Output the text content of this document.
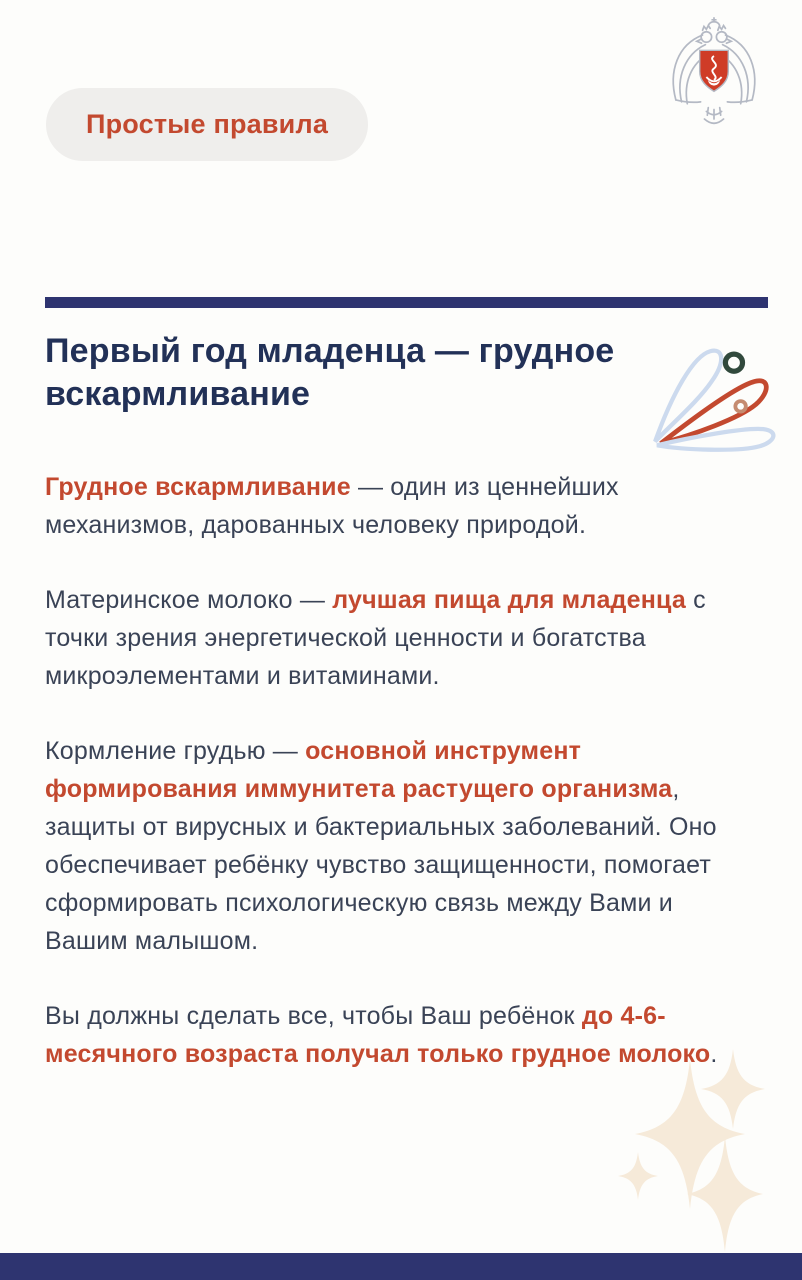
Простые правила
Первый год младенца — грудное вскармливание

Грудное вскармливание — один из ценнейших механизмов, дарованных человеку природой.

Материнское молоко — лучшая пища для младенца с точки зрения энергетической ценности и богатства микроэлементами и витаминами.

Кормление грудью — основной инструмент формирования иммунитета растущего организма, защиты от вирусных и бактериальных заболеваний. Оно обеспечивает ребёнку чувство защищенности, помогает сформировать психологическую связь между Вами и Вашим малышом.

Вы должны сделать все, чтобы Ваш ребёнок до 4-6-месячного возраста получал только грудное молоко.
